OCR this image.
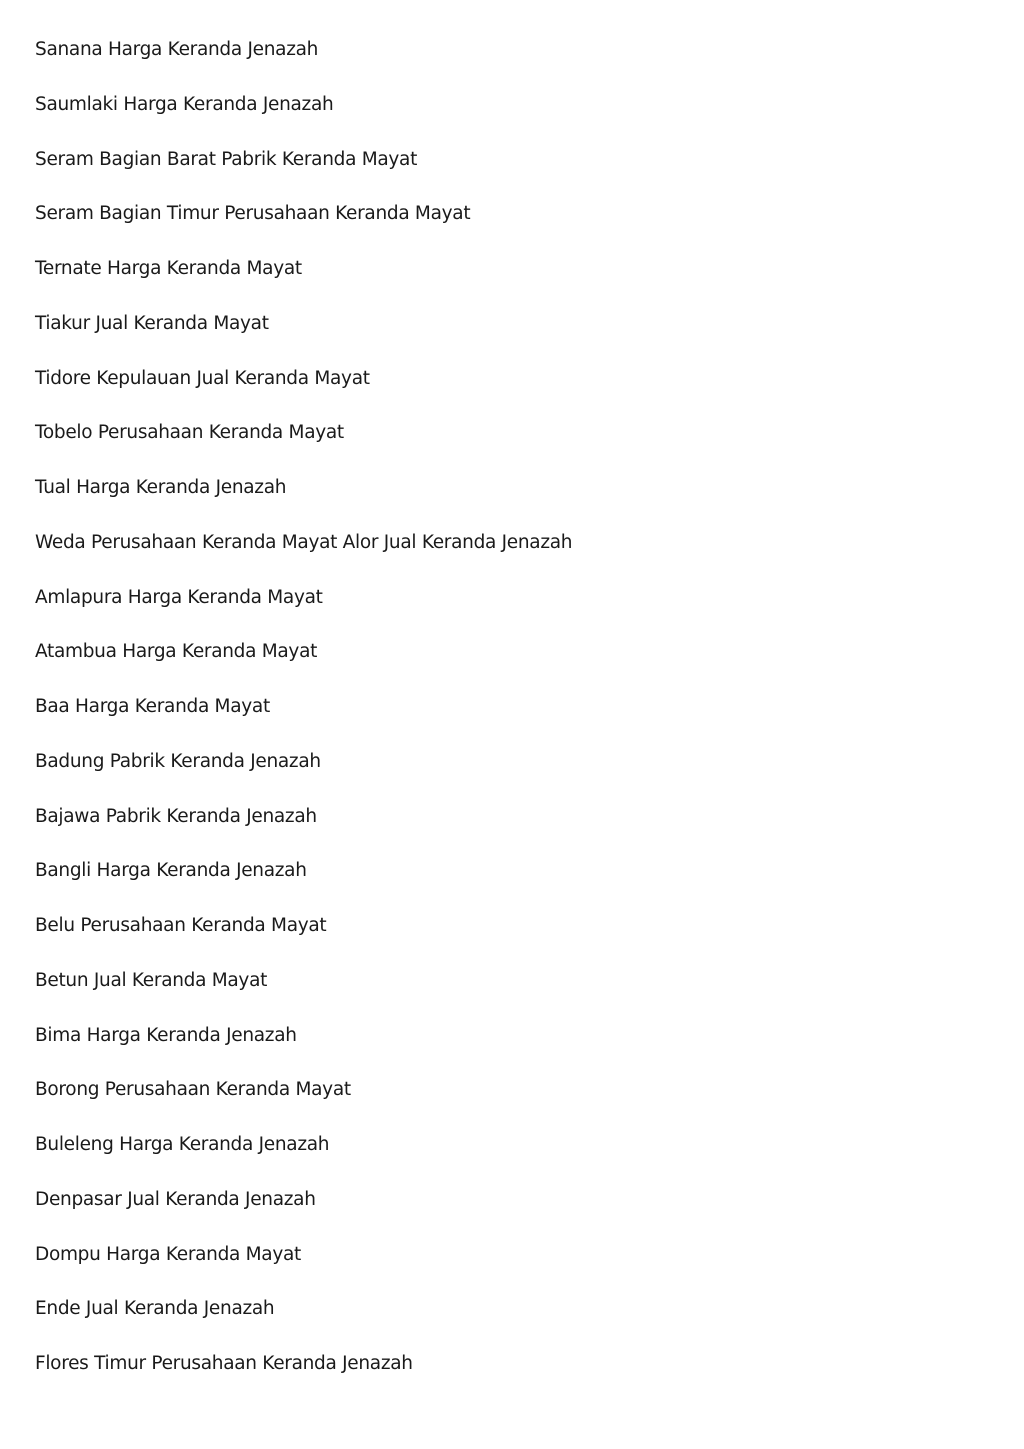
Sanana Harga Keranda Jenazah
Saumlaki Harga Keranda Jenazah
Seram Bagian Barat Pabrik Keranda Mayat
Seram Bagian Timur Perusahaan Keranda Mayat
Ternate Harga Keranda Mayat
Tiakur Jual Keranda Mayat
Tidore Kepulauan Jual Keranda Mayat
Tobelo Perusahaan Keranda Mayat
Tual Harga Keranda Jenazah
Weda Perusahaan Keranda Mayat Alor Jual Keranda Jenazah
Amlapura Harga Keranda Mayat
Atambua Harga Keranda Mayat
Baa Harga Keranda Mayat
Badung Pabrik Keranda Jenazah
Bajawa Pabrik Keranda Jenazah
Bangli Harga Keranda Jenazah
Belu Perusahaan Keranda Mayat
Betun Jual Keranda Mayat
Bima Harga Keranda Jenazah
Borong Perusahaan Keranda Mayat
Buleleng Harga Keranda Jenazah
Denpasar Jual Keranda Jenazah
Dompu Harga Keranda Mayat
Ende Jual Keranda Jenazah
Flores Timur Perusahaan Keranda Jenazah
